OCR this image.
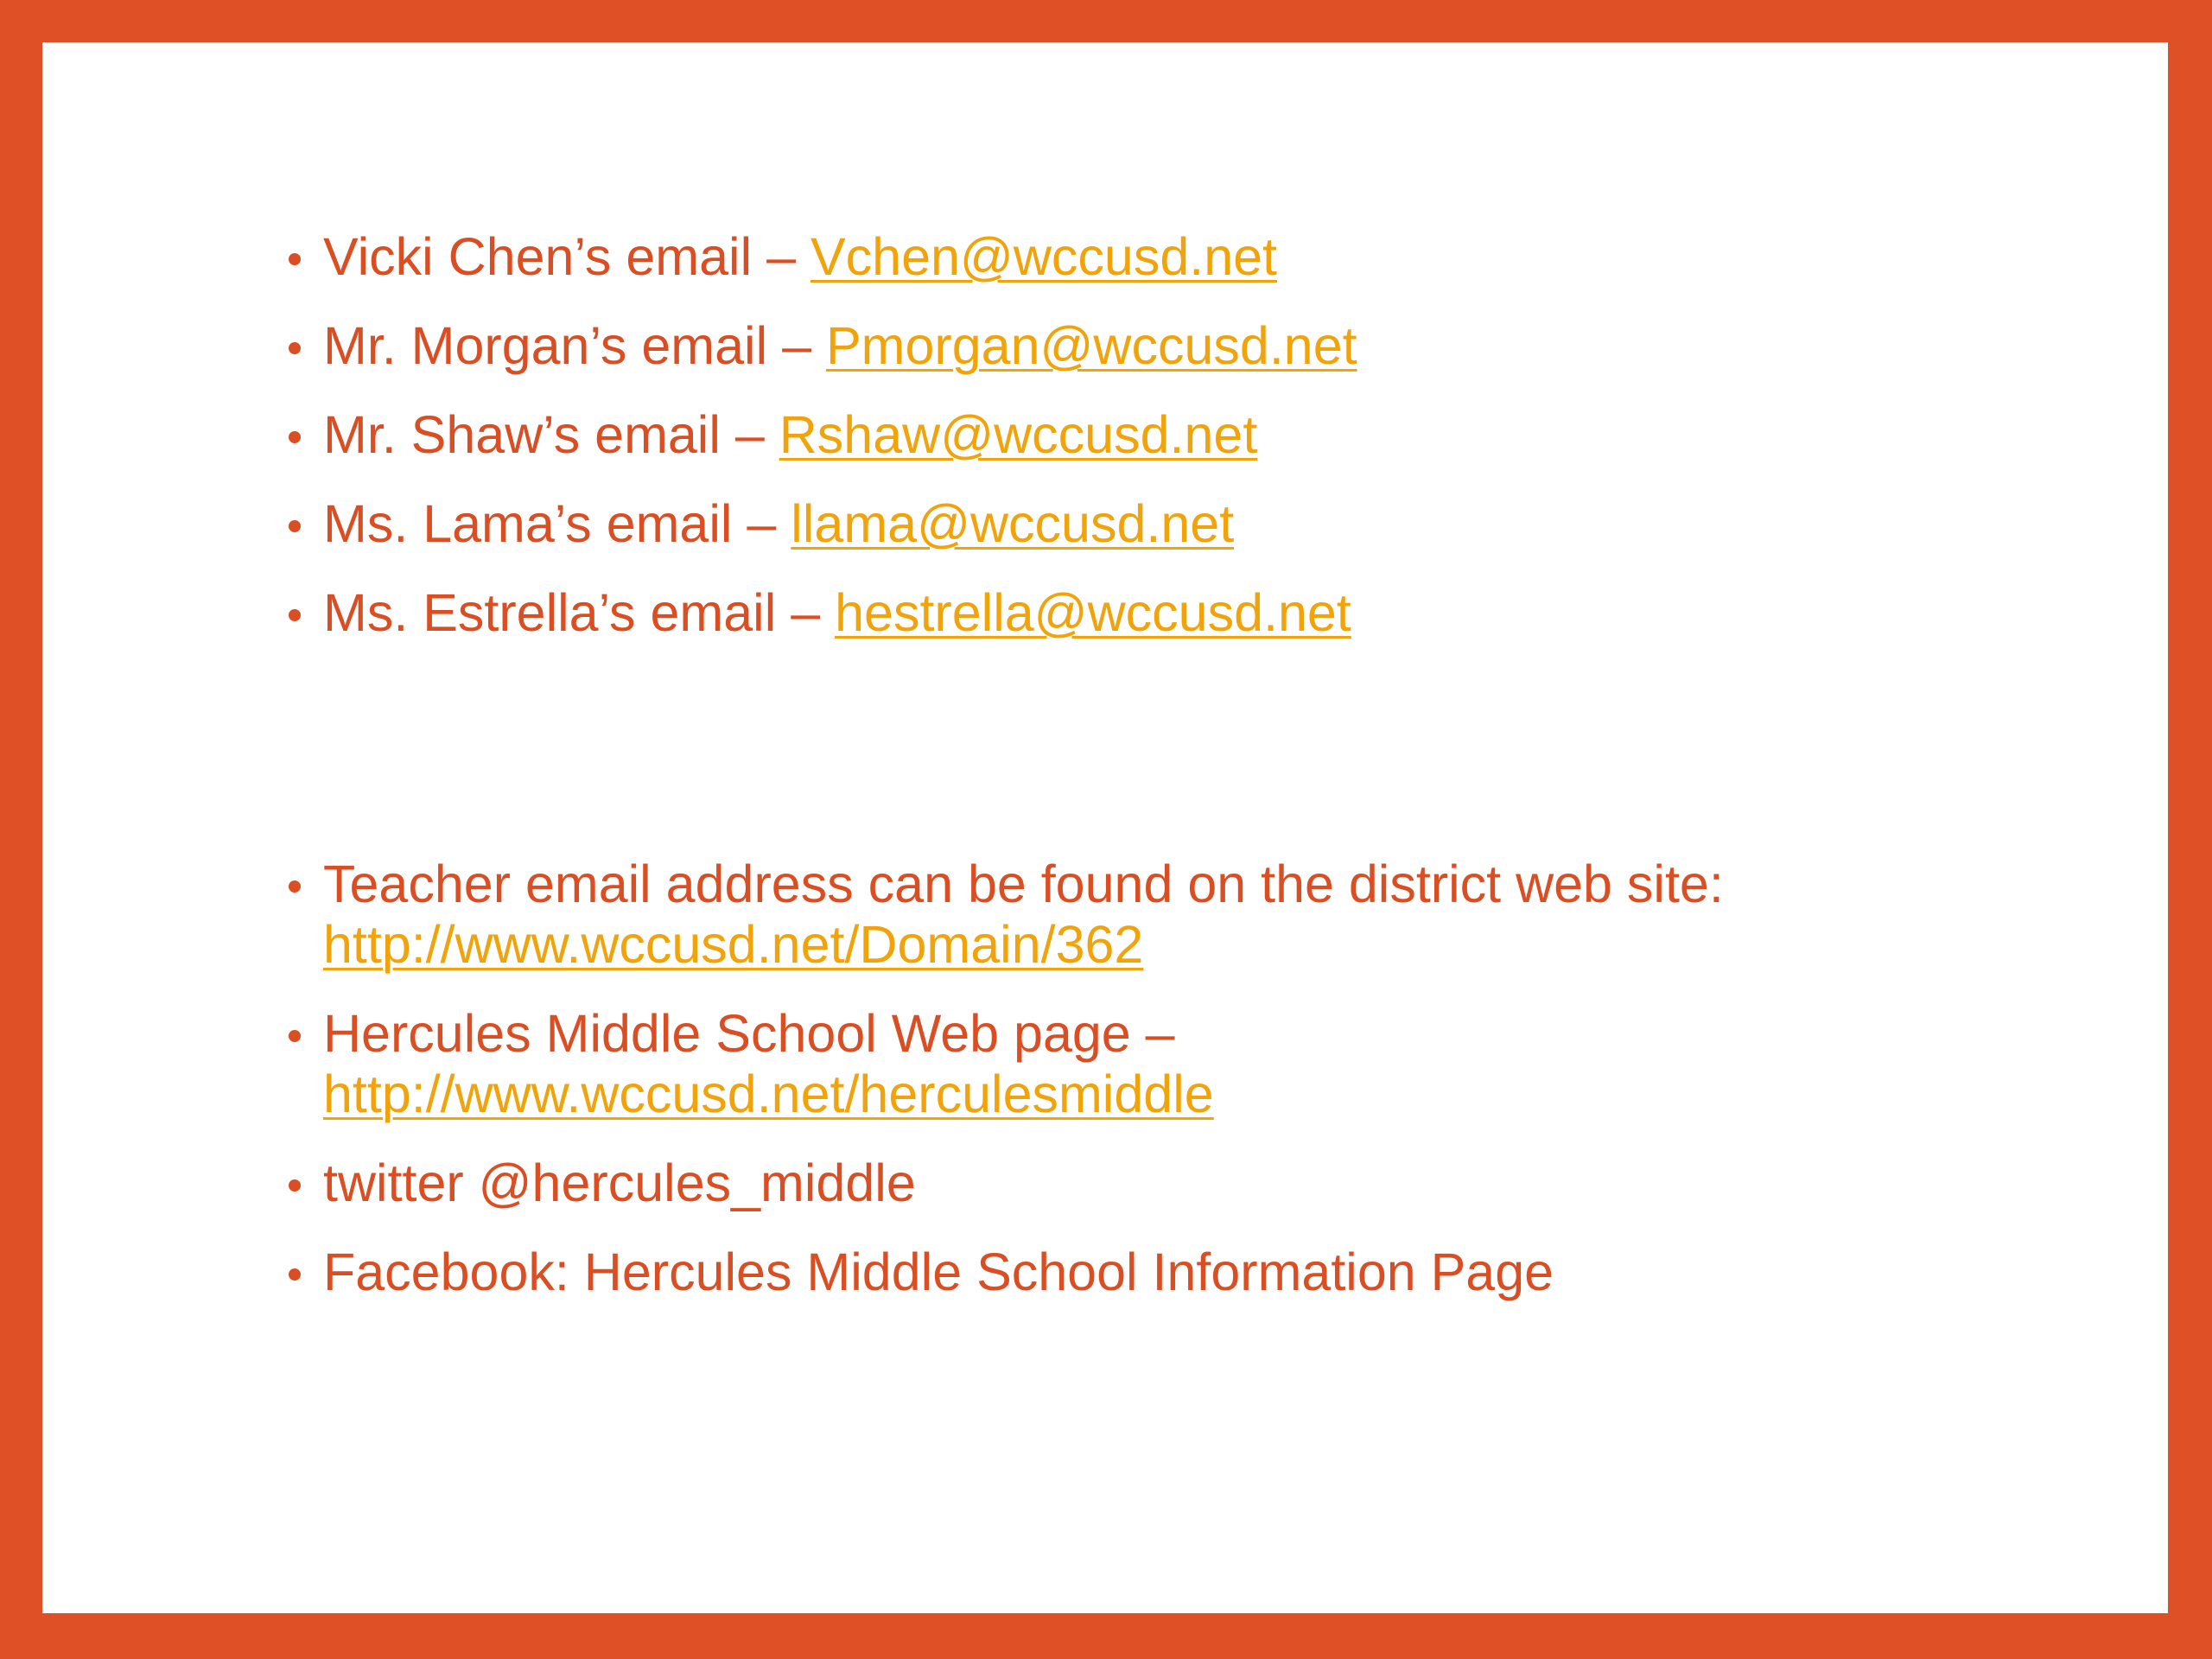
Vicki Chen’s email – Vchen@wccusd.net
Mr. Morgan’s email – Pmorgan@wccusd.net
Mr. Shaw’s email – Rshaw@wccusd.net
Ms. Lama’s email – llama@wccusd.net
Ms. Estrella’s email – hestrella@wccusd.net
Teacher email address can be found on the district web site:
http://www.wccusd.net/Domain/362
Hercules Middle School Web page –
http://www.wccusd.net/herculesmiddle
twitter @hercules_middle
Facebook: Hercules Middle School Information Page
